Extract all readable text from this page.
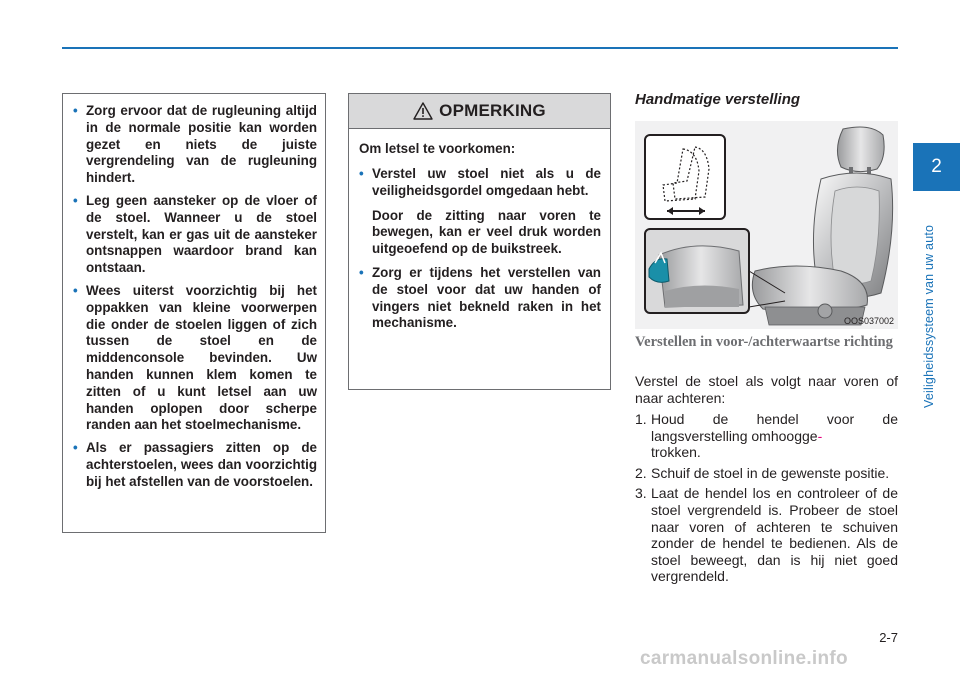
• Zorg ervoor dat de rugleuning altijd in de normale positie kan worden gezet en niets de juiste vergrendeling van de rugleuning hindert.
• Leg geen aansteker op de vloer of de stoel. Wanneer u de stoel verstelt, kan er gas uit de aansteker ontsnappen waardoor brand kan ontstaan.
• Wees uiterst voorzichtig bij het oppakken van kleine voorwerpen die onder de stoelen liggen of zich tussen de stoel en de middenconsole bevinden. Uw handen kunnen klem komen te zitten of u kunt letsel aan uw handen oplopen door scherpe randen aan het stoelmechanisme.
• Als er passagiers zitten op de achterstoelen, wees dan voorzichtig bij het afstellen van de voorstoelen.
OPMERKING
Om letsel te voorkomen:
• Verstel uw stoel niet als u de veiligheidsgordel omgedaan hebt.

Door de zitting naar voren te bewegen, kan er veel druk worden uitgeoefend op de buikstreek.

• Zorg er tijdens het verstellen van de stoel voor dat uw handen of vingers niet bekneld raken in het mechanisme.
Handmatige verstelling
OOS037002
Verstellen in voor-/achterwaartse richting
Verstel de stoel als volgt naar voren of naar achteren:
1. Houd de hendel voor de langsverstelling omhoogge-
trokken.
2. Schuif de stoel in de gewenste positie.
3. Laat de hendel los en controleer of de stoel vergrendeld is. Probeer de stoel naar voren of achteren te schuiven zonder de hendel te bedienen. Als de stoel beweegt, dan is hij niet goed vergrendeld.
2
Veiligheidssysteem van uw auto
2-7
carmanualsonline.info
